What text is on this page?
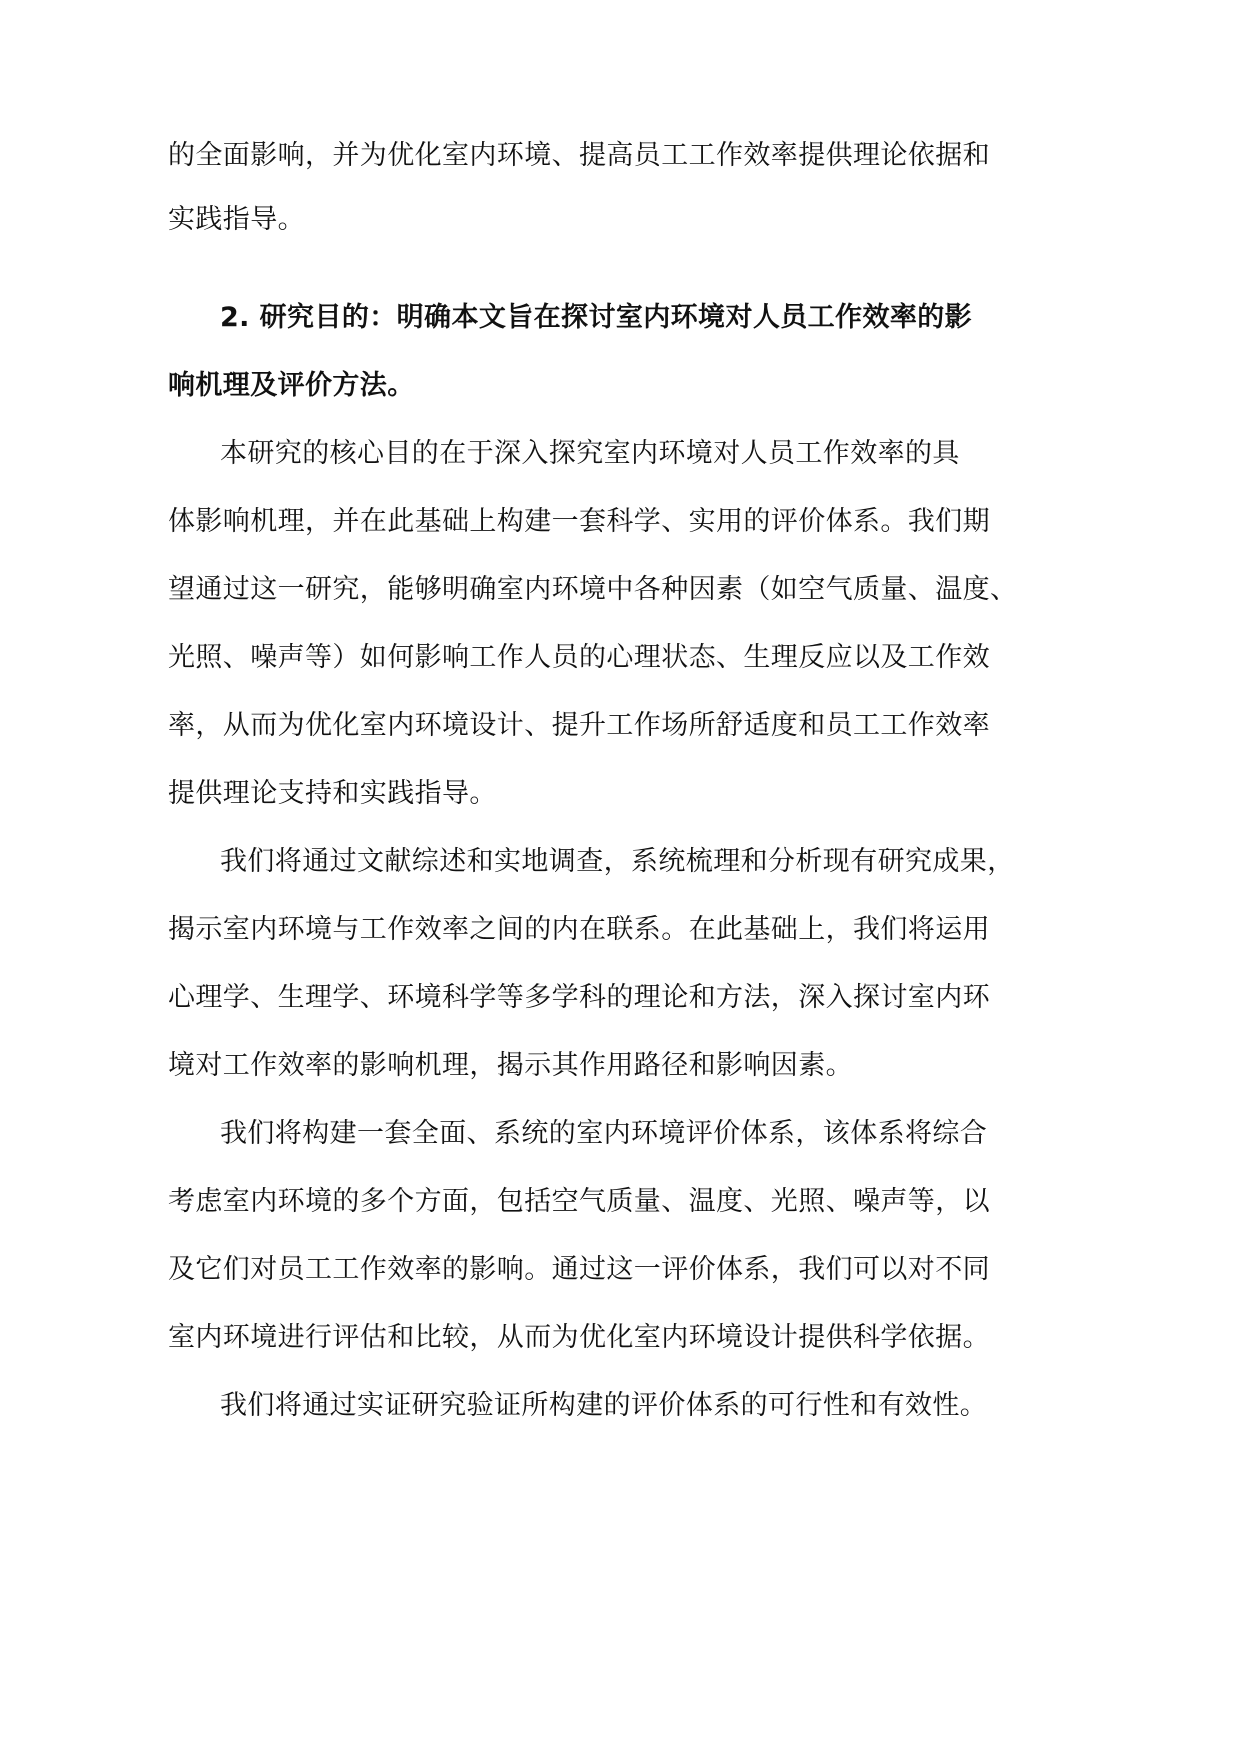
的全面影响，并为优化室内环境、提高员工工作效率提供理论依据和
实践指导。
2. 研究目的：明确本文旨在探讨室内环境对人员工作效率的影
响机理及评价方法。
本研究的核心目的在于深入探究室内环境对人员工作效率的具
体影响机理，并在此基础上构建一套科学、实用的评价体系。我们期
望通过这一研究，能够明确室内环境中各种因素（如空气质量、温度、
光照、噪声等）如何影响工作人员的心理状态、生理反应以及工作效
率，从而为优化室内环境设计、提升工作场所舒适度和员工工作效率
提供理论支持和实践指导。
我们将通过文献综述和实地调查，系统梳理和分析现有研究成果，
揭示室内环境与工作效率之间的内在联系。在此基础上，我们将运用
心理学、生理学、环境科学等多学科的理论和方法，深入探讨室内环
境对工作效率的影响机理，揭示其作用路径和影响因素。
我们将构建一套全面、系统的室内环境评价体系，该体系将综合
考虑室内环境的多个方面，包括空气质量、温度、光照、噪声等，以
及它们对员工工作效率的影响。通过这一评价体系，我们可以对不同
室内环境进行评估和比较，从而为优化室内环境设计提供科学依据。
我们将通过实证研究验证所构建的评价体系的可行性和有效性。
